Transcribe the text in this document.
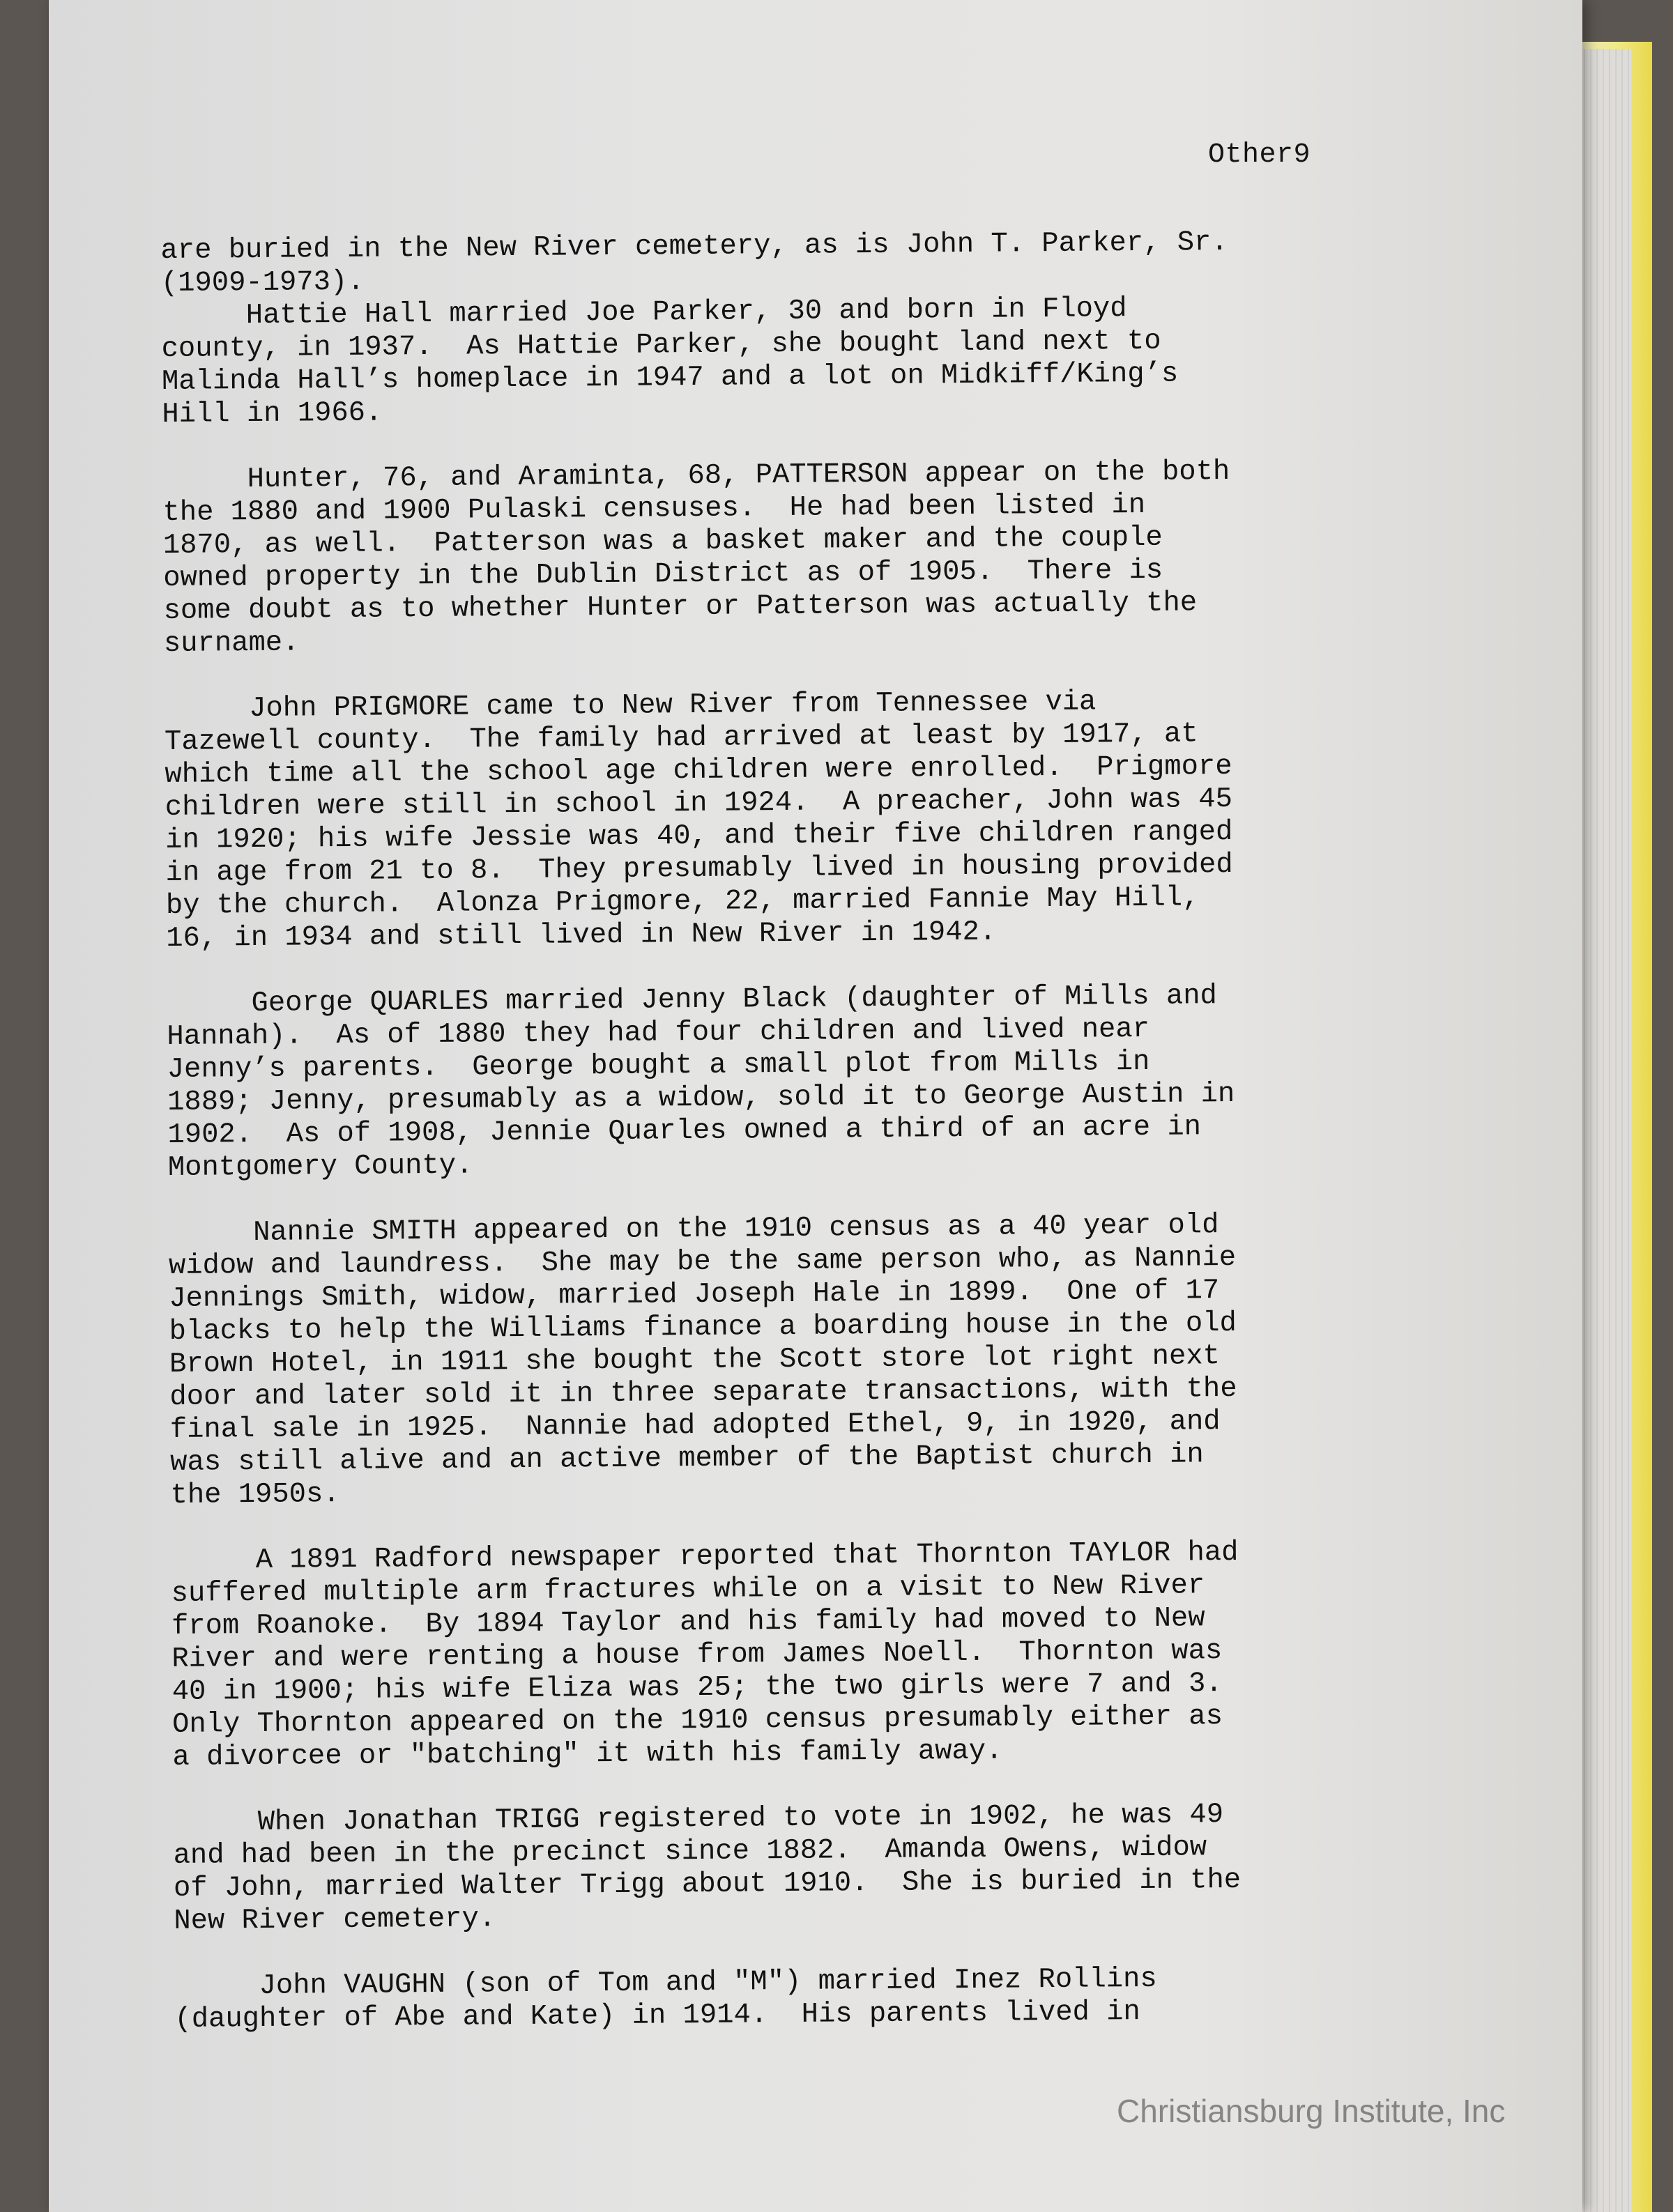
Other9

are buried in the New River cemetery, as is John T. Parker, Sr.
(1909-1973).
Hattie Hall married Joe Parker, 30 and born in Floyd
county, in 1937.  As Hattie Parker, she bought land next to
Malinda Hall’s homeplace in 1947 and a lot on Midkiff/King’s
Hill in 1966.

Hunter, 76, and Araminta, 68, PATTERSON appear on the both
the 1880 and 1900 Pulaski censuses.  He had been listed in
1870, as well.  Patterson was a basket maker and the couple
owned property in the Dublin District as of 1905.  There is
some doubt as to whether Hunter or Patterson was actually the
surname.

John PRIGMORE came to New River from Tennessee via
Tazewell county.  The family had arrived at least by 1917, at
which time all the school age children were enrolled.  Prigmore
children were still in school in 1924.  A preacher, John was 45
in 1920; his wife Jessie was 40, and their five children ranged
in age from 21 to 8.  They presumably lived in housing provided
by the church.  Alonza Prigmore, 22, married Fannie May Hill,
16, in 1934 and still lived in New River in 1942.

George QUARLES married Jenny Black (daughter of Mills and
Hannah).  As of 1880 they had four children and lived near
Jenny’s parents.  George bought a small plot from Mills in
1889; Jenny, presumably as a widow, sold it to George Austin in
1902.  As of 1908, Jennie Quarles owned a third of an acre in
Montgomery County.

Nannie SMITH appeared on the 1910 census as a 40 year old
widow and laundress.  She may be the same person who, as Nannie
Jennings Smith, widow, married Joseph Hale in 1899.  One of 17
blacks to help the Williams finance a boarding house in the old
Brown Hotel, in 1911 she bought the Scott store lot right next
door and later sold it in three separate transactions, with the
final sale in 1925.  Nannie had adopted Ethel, 9, in 1920, and
was still alive and an active member of the Baptist church in
the 1950s.

A 1891 Radford newspaper reported that Thornton TAYLOR had
suffered multiple arm fractures while on a visit to New River
from Roanoke.  By 1894 Taylor and his family had moved to New
River and were renting a house from James Noell.  Thornton was
40 in 1900; his wife Eliza was 25; the two girls were 7 and 3.
Only Thornton appeared on the 1910 census presumably either as
a divorcee or "batching" it with his family away.

When Jonathan TRIGG registered to vote in 1902, he was 49
and had been in the precinct since 1882.  Amanda Owens, widow
of John, married Walter Trigg about 1910.  She is buried in the
New River cemetery.

John VAUGHN (son of Tom and "M") married Inez Rollins
(daughter of Abe and Kate) in 1914.  His parents lived in

Christiansburg Institute, Inc
